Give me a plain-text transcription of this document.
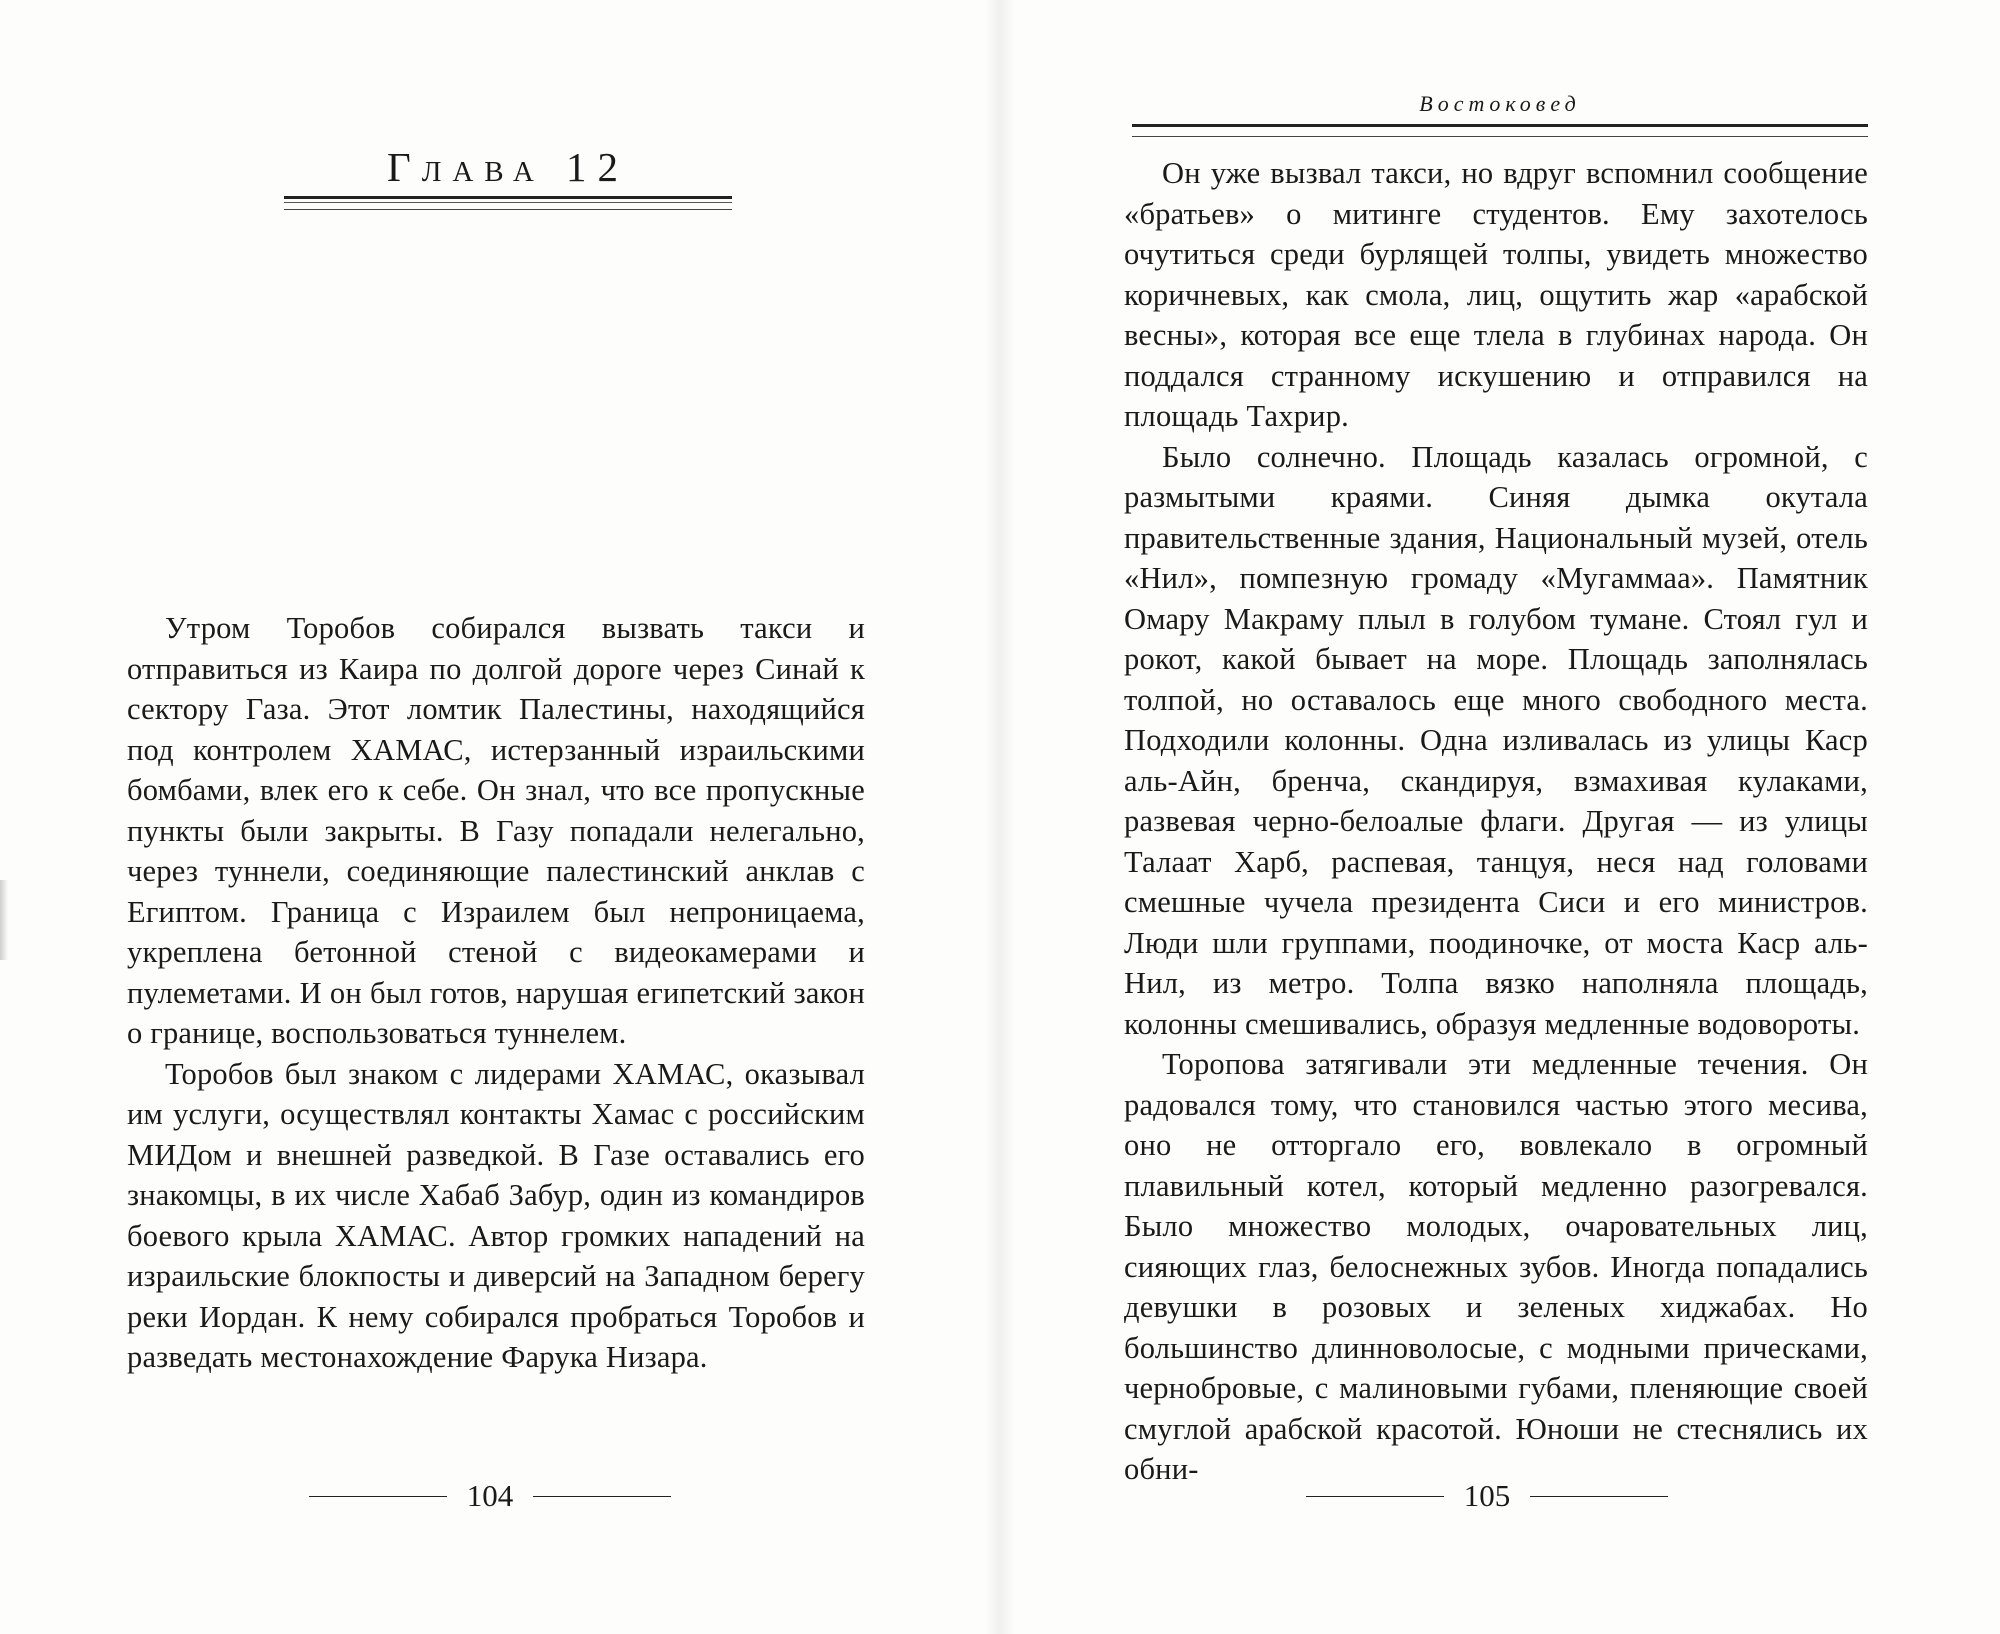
Глава 12

Утром Торобов собирался вызвать такси и отправиться из Каира по долгой дороге через Синай к сектору Газа. Этот ломтик Палестины, находящийся под контролем ХАМАС, истерзанный израильскими бомбами, влек его к себе. Он знал, что все пропускные пункты были закрыты. В Газу попадали нелегально, через туннели, соединяющие палестинский анклав с Египтом. Граница с Израилем был непроницаема, укреплена бетонной стеной с видеокамерами и пулеметами. И он был готов, нарушая египетский закон о границе, воспользоваться туннелем.

Торобов был знаком с лидерами ХАМАС, оказывал им услуги, осуществлял контакты Хамас с российским МИДом и внешней разведкой. В Газе оставались его знакомцы, в их числе Хабаб Забур, один из командиров боевого крыла ХАМАС. Автор громких нападений на израильские блокпосты и диверсий на Западном берегу реки Иордан. К нему собирался пробраться Торобов и разведать местонахождение Фарука Низара.

104
Востоковед

Он уже вызвал такси, но вдруг вспомнил сообщение «братьев» о митинге студентов. Ему захотелось очутиться среди бурлящей толпы, увидеть множество коричневых, как смола, лиц, ощутить жар «арабской весны», которая все еще тлела в глубинах народа. Он поддался странному искушению и отправился на площадь Тахрир.

Было солнечно. Площадь казалась огромной, с размытыми краями. Синяя дымка окутала правительственные здания, Национальный музей, отель «Нил», помпезную громаду «Мугаммаа». Памятник Омару Макраму плыл в голубом тумане. Стоял гул и рокот, какой бывает на море. Площадь заполнялась толпой, но оставалось еще много свободного места. Подходили колонны. Одна изливалась из улицы Каср аль-Айн, бренча, скандируя, взмахивая кулаками, развевая черно-белоалые флаги. Другая — из улицы Талаат Харб, распевая, танцуя, неся над головами смешные чучела президента Сиси и его министров. Люди шли группами, поодиночке, от моста Каср аль-Нил, из метро. Толпа вязко наполняла площадь, колонны смешивались, образуя медленные водовороты.

Торопова затягивали эти медленные течения. Он радовался тому, что становился частью этого месива, оно не отторгало его, вовлекало в огромный плавильный котел, который медленно разогревался. Было множество молодых, очаровательных лиц, сияющих глаз, белоснежных зубов. Иногда попадались девушки в розовых и зеленых хиджабах. Но большинство длинноволосые, с модными прическами, чернобровые, с малиновыми губами, пленяющие своей смуглой арабской красотой. Юноши не стеснялись их обни-

105
